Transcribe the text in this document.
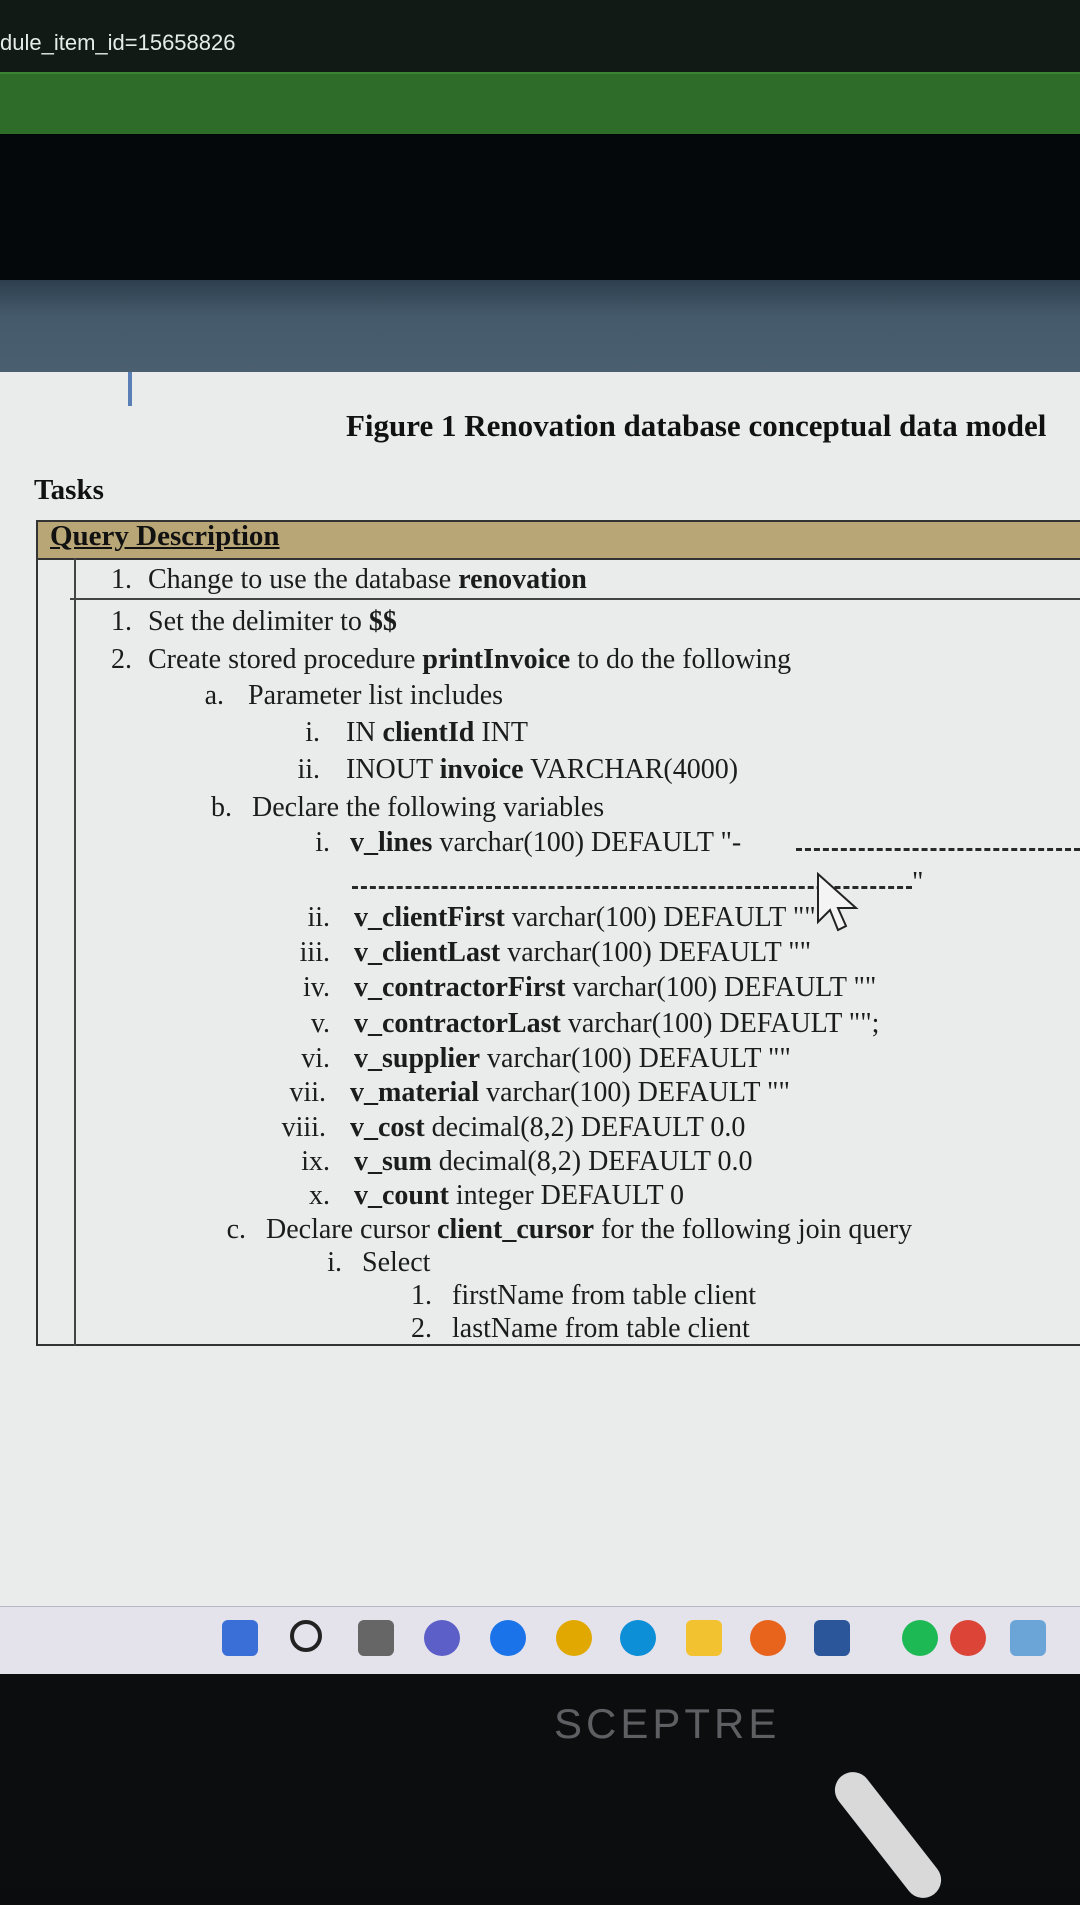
dule_item_id=15658826
Figure 1 Renovation database conceptual data model
Tasks
Query Description
1. Change to use the database renovation
1. Set the delimiter to $$
2. Create stored procedure printInvoice to do the following
a. Parameter list includes
i. IN clientId INT
ii. INOUT invoice VARCHAR(4000)
b. Declare the following variables
i. v_lines varchar(100) DEFAULT "-
"
ii. v_clientFirst varchar(100) DEFAULT ""
iii. v_clientLast varchar(100) DEFAULT ""
iv. v_contractorFirst varchar(100) DEFAULT ""
v. v_contractorLast varchar(100) DEFAULT "";
vi. v_supplier varchar(100) DEFAULT ""
vii. v_material varchar(100) DEFAULT ""
viii. v_cost decimal(8,2) DEFAULT 0.0
ix. v_sum decimal(8,2) DEFAULT 0.0
x. v_count integer DEFAULT 0
c. Declare cursor client_cursor for the following join query
i. Select
1. firstName from table client
2. lastName from table client
SCEPTRE
